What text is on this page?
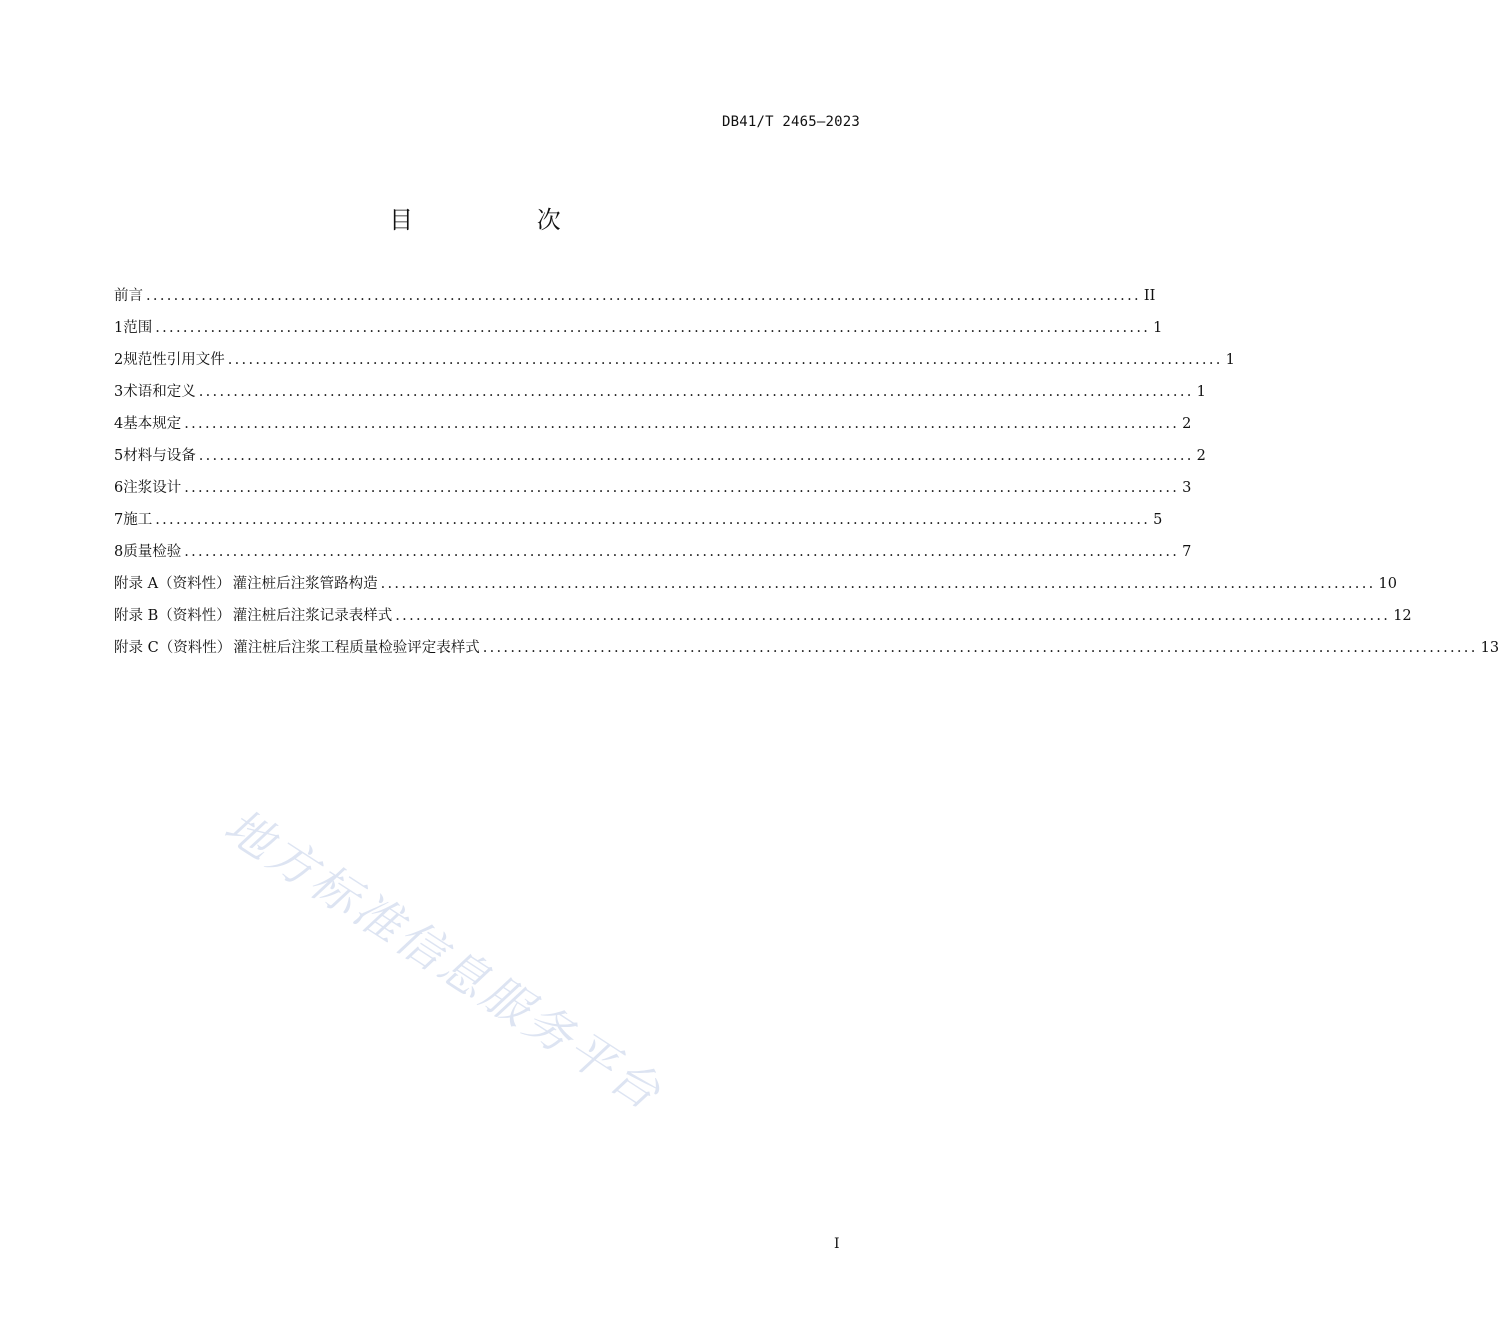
DB41/T 2465—2023
目 次
前言 ................................................................................................................................................ II
1 范围 ................................................................................................................................................ 1
2 规范性引用文件 ................................................................................................................................................ 1
3 术语和定义 ................................................................................................................................................ 1
4 基本规定 ................................................................................................................................................ 2
5 材料与设备 ................................................................................................................................................ 2
6 注浆设计 ................................................................................................................................................ 3
7 施工 ................................................................................................................................................ 5
8 质量检验 ................................................................................................................................................ 7
附录 A（资料性） 灌注桩后注浆管路构造 ................................................................................................................................................ 10
附录 B（资料性） 灌注桩后注浆记录表样式 ................................................................................................................................................ 12
附录 C（资料性） 灌注桩后注浆工程质量检验评定表样式 ................................................................................................................................................ 13
地方标准信息服务平台
I
